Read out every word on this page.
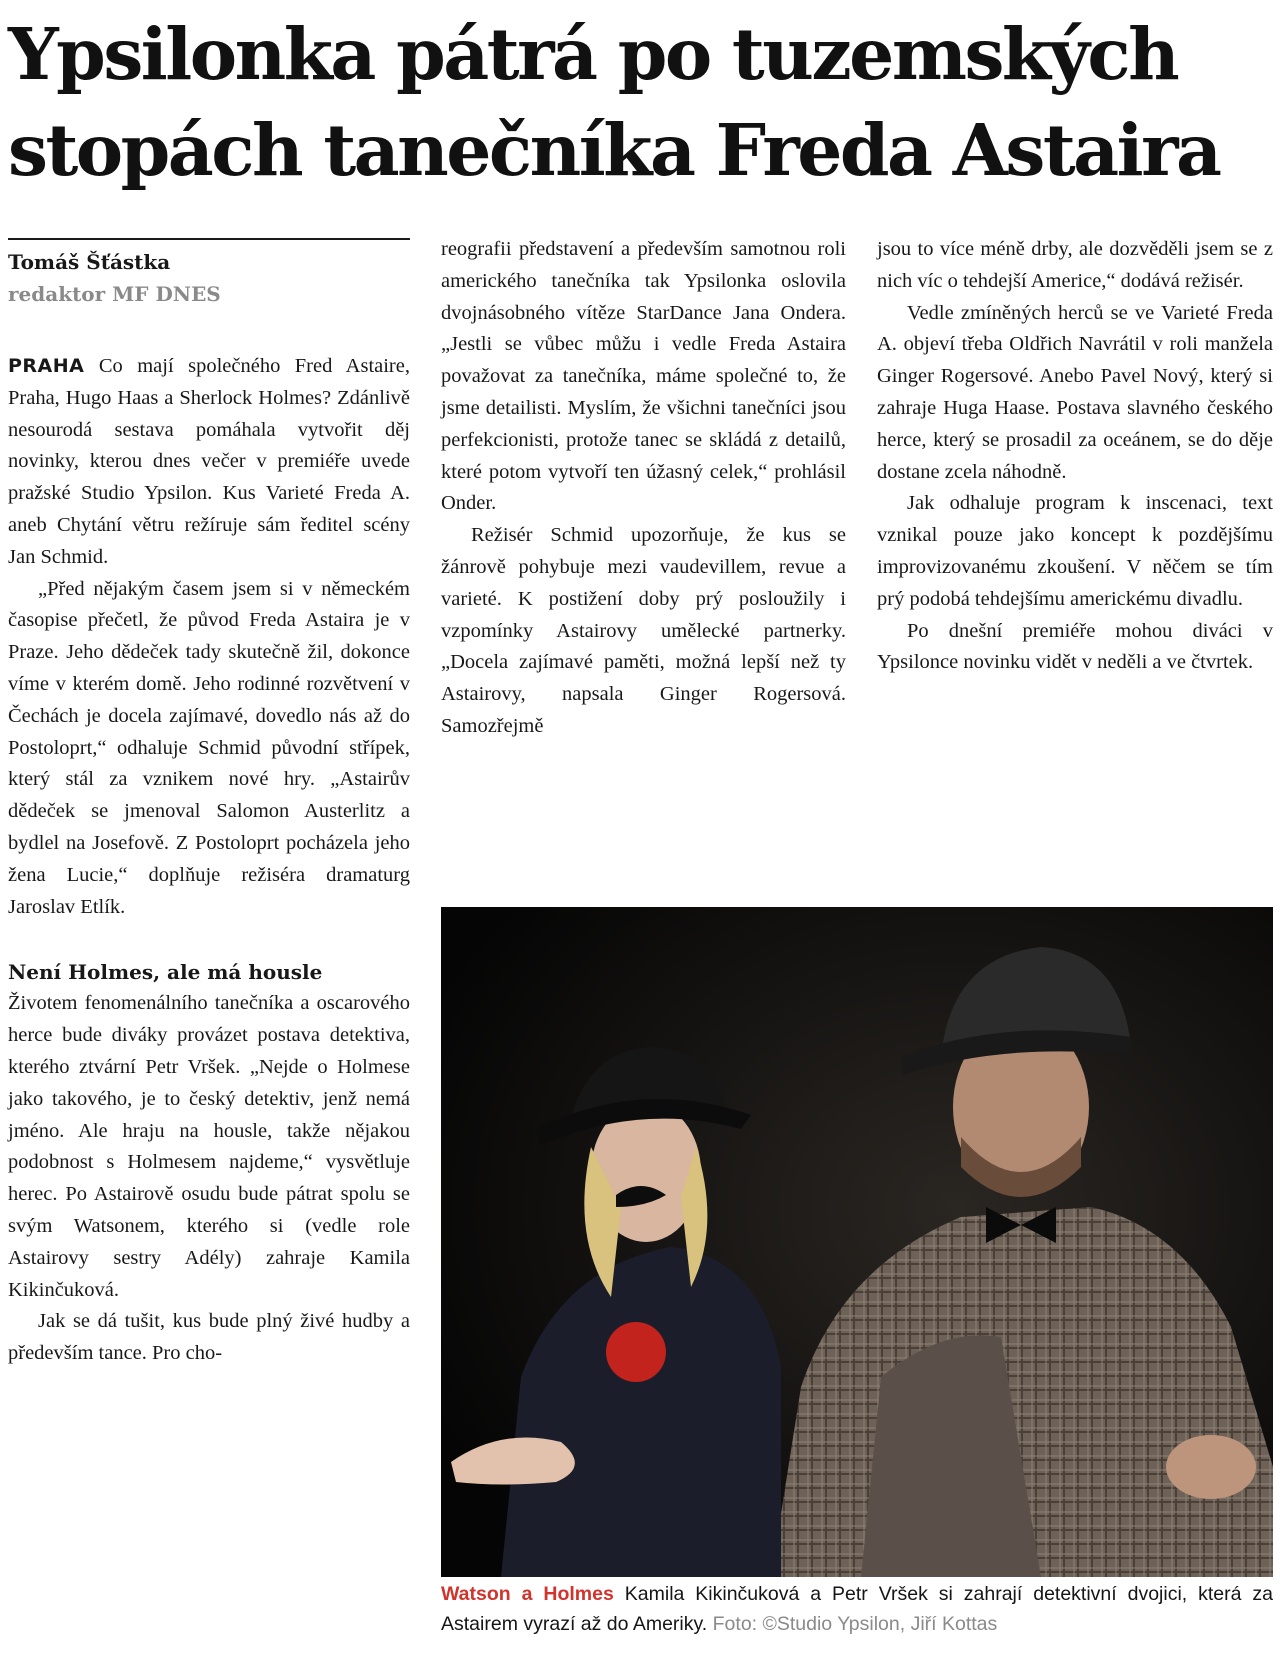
Ypsilonka pátrá po tuzemských
stopách tanečníka Freda Astaira
Tomáš Šťástka
redaktor MF DNES

PRAHA Co mají společného Fred Astaire, Praha, Hugo Haas a Sherlock Holmes? Zdánlivě nesourodá sestava pomáhala vytvořit děj novinky, kterou dnes večer v premiéře uvede pražské Studio Ypsilon. Kus Varieté Freda A. aneb Chytání větru režíruje sám ředitel scény Jan Schmid.

„Před nějakým časem jsem si v německém časopise přečetl, že původ Freda Astaira je v Praze. Jeho dědeček tady skutečně žil, dokonce víme v kterém domě. Jeho rodinné rozvětvení v Čechách je docela zajímavé, dovedlo nás až do Postoloprt,“ odhaluje Schmid původní střípek, který stál za vznikem nové hry. „Astairův dědeček se jmenoval Salomon Austerlitz a bydlel na Josefově. Z Postoloprt pocházela jeho žena Lucie,“ doplňuje režiséra dramaturg Jaroslav Etlík.

Není Holmes, ale má housle

Životem fenomenálního tanečníka a oscarového herce bude diváky provázet postava detektiva, kterého ztvární Petr Vršek. „Nejde o Holmese jako takového, je to český detektiv, jenž nemá jméno. Ale hraju na housle, takže nějakou podobnost s Holmesem najdeme,“ vysvětluje herec. Po Astairově osudu bude pátrat spolu se svým Watsonem, kterého si (vedle role Astairovy sestry Adély) zahraje Kamila Kikinčuková.

Jak se dá tušit, kus bude plný živé hudby a především tance. Pro cho-

reografii představení a především samotnou roli amerického tanečníka tak Ypsilonka oslovila dvojnásobného vítěze StarDance Jana Ondera. „Jestli se vůbec můžu i vedle Freda Astaira považovat za tanečníka, máme společné to, že jsme detailisti. Myslím, že všichni tanečníci jsou perfekcionisti, protože tanec se skládá z detailů, které potom vytvoří ten úžasný celek,“ prohlásil Onder.

Režisér Schmid upozorňuje, že kus se žánrově pohybuje mezi vaudevillem, revue a varieté. K postižení doby prý posloužily i vzpomínky Astairovy umělecké partnerky. „Docela zajímavé paměti, možná lepší než ty Astairovy, napsala Ginger Rogersová. Samozřejmě

jsou to více méně drby, ale dozvěděli jsem se z nich víc o tehdejší Americe,“ dodává režisér.

Vedle zmíněných herců se ve Varieté Freda A. objeví třeba Oldřich Navrátil v roli manžela Ginger Rogersové. Anebo Pavel Nový, který si zahraje Huga Haase. Postava slavného českého herce, který se prosadil za oceánem, se do děje dostane zcela náhodně.

Jak odhaluje program k inscenaci, text vznikal pouze jako koncept k pozdějšímu improvizovanému zkoušení. V něčem se tím prý podobá tehdejšímu americkému divadlu.

Po dnešní premiéře mohou diváci v Ypsilonce novinku vidět v neděli a ve čtvrtek.

Watson a Holmes Kamila Kikinčuková a Petr Vršek si zahrají detektivní dvojici, která za Astairem vyrazí až do Ameriky. Foto: ©Studio Ypsilon, Jiří Kottas
